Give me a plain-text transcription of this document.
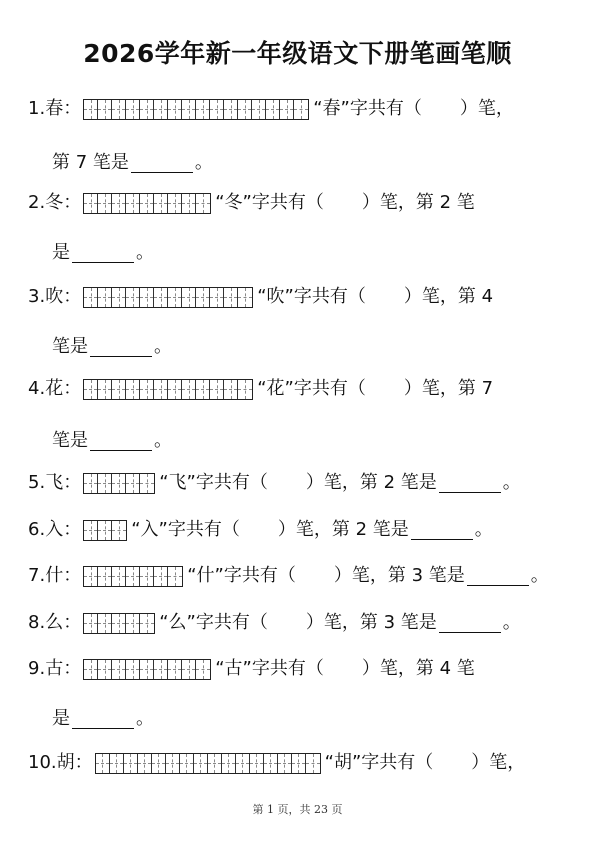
2026学年新一年级语文下册笔画笔顺
1. 春 ：	“春”字共有（ ）笔，
第 7 笔是	。
2. 冬 ：	“冬”字共有（ ）笔，第 2 笔
是	。
3. 吹 ：	“吹”字共有（ ）笔，第 4
笔是	。
4. 花 ：	“花”字共有（ ）笔，第 7
笔是	。
5. 飞 ：	“飞”字共有（ ）笔，第 2 笔是	。
6. 入 ：	“入”字共有（ ）笔，第 2 笔是	。
7. 什 ：	“什”字共有（ ）笔，第 3 笔是	。
8. 么 ：	“么”字共有（ ）笔，第 3 笔是	。
9. 古 ：	“古”字共有（ ）笔，第 4 笔
是	。
10. 胡 ：	“胡”字共有（ ）笔，
第 1 页，共 23 页
